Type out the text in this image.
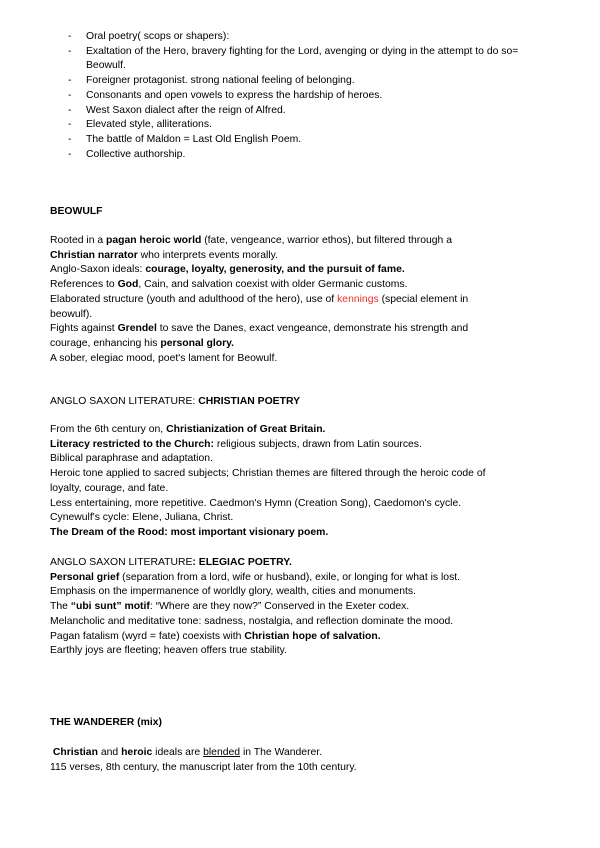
- Oral poetry( scops or shapers):
- Exaltation of the Hero, bravery fighting for the Lord, avenging or dying in the attempt to do so= Beowulf.
- Foreigner protagonist. strong national feeling of belonging.
- Consonants and open vowels to express the hardship of heroes.
- West Saxon dialect after the reign of Alfred.
- Elevated style, alliterations.
- The battle of Maldon = Last Old English Poem.
- Collective authorship.
BEOWULF
Rooted in a pagan heroic world (fate, vengeance, warrior ethos), but filtered through a
Christian narrator who interprets events morally.
Anglo-Saxon ideals: courage, loyalty, generosity, and the pursuit of fame.
References to God, Cain, and salvation coexist with older Germanic customs.
Elaborated structure (youth and adulthood of the hero), use of kennings (special element in
beowulf).
Fights against Grendel to save the Danes, exact vengeance, demonstrate his strength and
courage, enhancing his personal glory.
A sober, elegiac mood, poet's lament for Beowulf.
ANGLO SAXON LITERATURE: CHRISTIAN POETRY
From the 6th century on, Christianization of Great Britain.
Literacy restricted to the Church: religious subjects, drawn from Latin sources.
Biblical paraphrase and adaptation.
Heroic tone applied to sacred subjects; Christian themes are filtered through the heroic code of
loyalty, courage, and fate.
Less entertaining, more repetitive. Caedmon's Hymn (Creation Song), Caedomon's cycle.
Cynewulf's cycle: Elene, Juliana, Christ.
The Dream of the Rood: most important visionary poem.
ANGLO SAXON LITERATURE: ELEGIAC POETRY.
Personal grief (separation from a lord, wife or husband), exile, or longing for what is lost.
Emphasis on the impermanence of worldly glory, wealth, cities and monuments.
The “ubi sunt” motif: “Where are they now?” Conserved in the Exeter codex.
Melancholic and meditative tone: sadness, nostalgia, and reflection dominate the mood.
Pagan fatalism (wyrd = fate) coexists with Christian hope of salvation.
Earthly joys are fleeting; heaven offers true stability.
THE WANDERER (mix)
Christian and heroic ideals are blended in The Wanderer.
115 verses, 8th century, the manuscript later from the 10th century.
